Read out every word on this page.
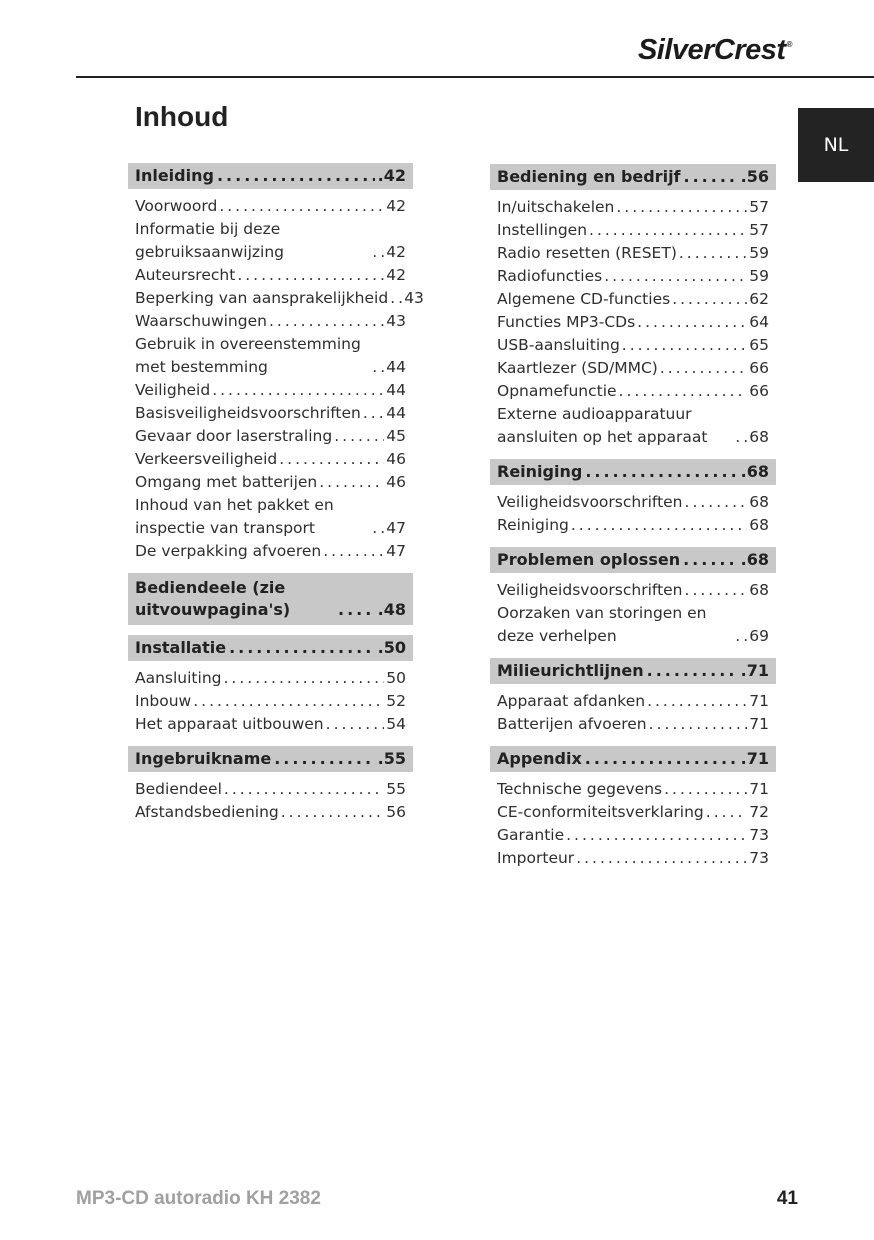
SilverCrest®
NL
Inhoud
Inleiding .....	.42
Voorwoord .....	42
Informatie bij deze gebruiksaanwijzing .....	42
Auteursrecht .....	42
Beperking van aansprakelijkheid ..... 43
Waarschuwingen .....	43
Gebruik in overeenstemming met bestemming .....	44
Veiligheid .....	44
Basisveiligheidsvoorschriften ..... 44
Gevaar door laserstraling .....	45
Verkeersveiligheid .....	46
Omgang met batterijen .....	46
Inhoud van het pakket en inspectie van transport .....	47
De verpakking afvoeren .....	47
Bediendeele (zie uitvouwpagina's) .....	.48
Installatie .....	.50
Aansluiting .....	50
Inbouw .....	52
Het apparaat uitbouwen .....	54
Ingebruikname .....	.55
Bediendeel .....	55
Afstandsbediening .....	56
Bediening en bedrijf .....	.56
In/uitschakelen .....	57
Instellingen .....	57
Radio resetten (RESET) .....	59
Radiofuncties .....	59
Algemene CD-functies .....	62
Functies MP3-CDs .....	64
USB-aansluiting .....	65
Kaartlezer (SD/MMC) .....	66
Opnamefunctie .....	66
Externe audioapparatuur aansluiten op het apparaat .....	68
Reiniging .....	.68
Veiligheidsvoorschriften .....	68
Reiniging .....	68
Problemen oplossen .....	.68
Veiligheidsvoorschriften .....	68
Oorzaken van storingen en deze verhelpen .....	69
Milieurichtlijnen .....	.71
Apparaat afdanken .....	71
Batterijen afvoeren .....	71
Appendix .....	.71
Technische gegevens .....	71
CE-conformiteitsverklaring .....	72
Garantie .....	73
Importeur .....	73
MP3-CD autoradio KH 2382	41
